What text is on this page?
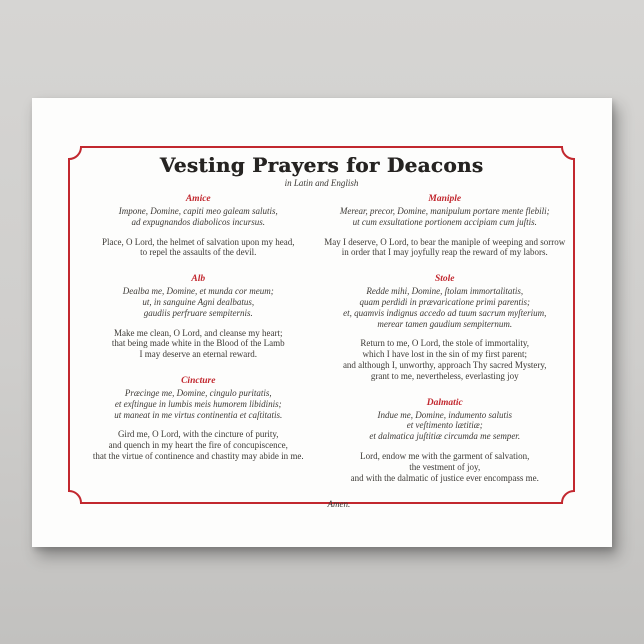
Vesting Prayers for Deacons
in Latin and English
Amice

Impone, Domine, capiti meo galeam salutis,
ad expugnandos diabolicos incursus.

Place, O Lord, the helmet of salvation upon my head,
to repel the assaults of the devil.

Alb

Dealba me, Domine, et munda cor meum;
ut, in sanguine Agni dealbatus,
gaudiis perfruare sempiternis.

Make me clean, O Lord, and cleanse my heart;
that being made white in the Blood of the Lamb
I may deserve an eternal reward.

Cincture

Præcinge me, Domine, cingulo puritatis,
et exſtingue in lumbis meis humorem libidinis;
ut maneat in me virtus continentia et caſtitatis.

Gird me, O Lord, with the cincture of purity,
and quench in my heart the fire of concupiscence,
that the virtue of continence and chastity may abide in me.

Maniple

Merear, precor, Domine, manipulum portare mente flebili;
ut cum exsultatione portionem accipiam cum juſtis.

May I deserve, O Lord, to bear the maniple of weeping and sorrow
in order that I may joyfully reap the reward of my labors.

Stole

Redde mihi, Domine, ſtolam immortalitatis,
quam perdidi in prævaricatione primi parentis;
et, quamvis indignus accedo ad tuum sacrum myſterium,
merear tamen gaudium sempiternum.

Return to me, O Lord, the stole of immortality,
which I have lost in the sin of my first parent;
and although I, unworthy, approach Thy sacred Mystery,
grant to me, nevertheless, everlasting joy

Dalmatic

Indue me, Domine, indumento salutis
et veſtimento lætitiæ;
et dalmatica juſtitiæ circumda me semper.

Lord, endow me with the garment of salvation,
the vestment of joy,
and with the dalmatic of justice ever encompass me.

Amen.
